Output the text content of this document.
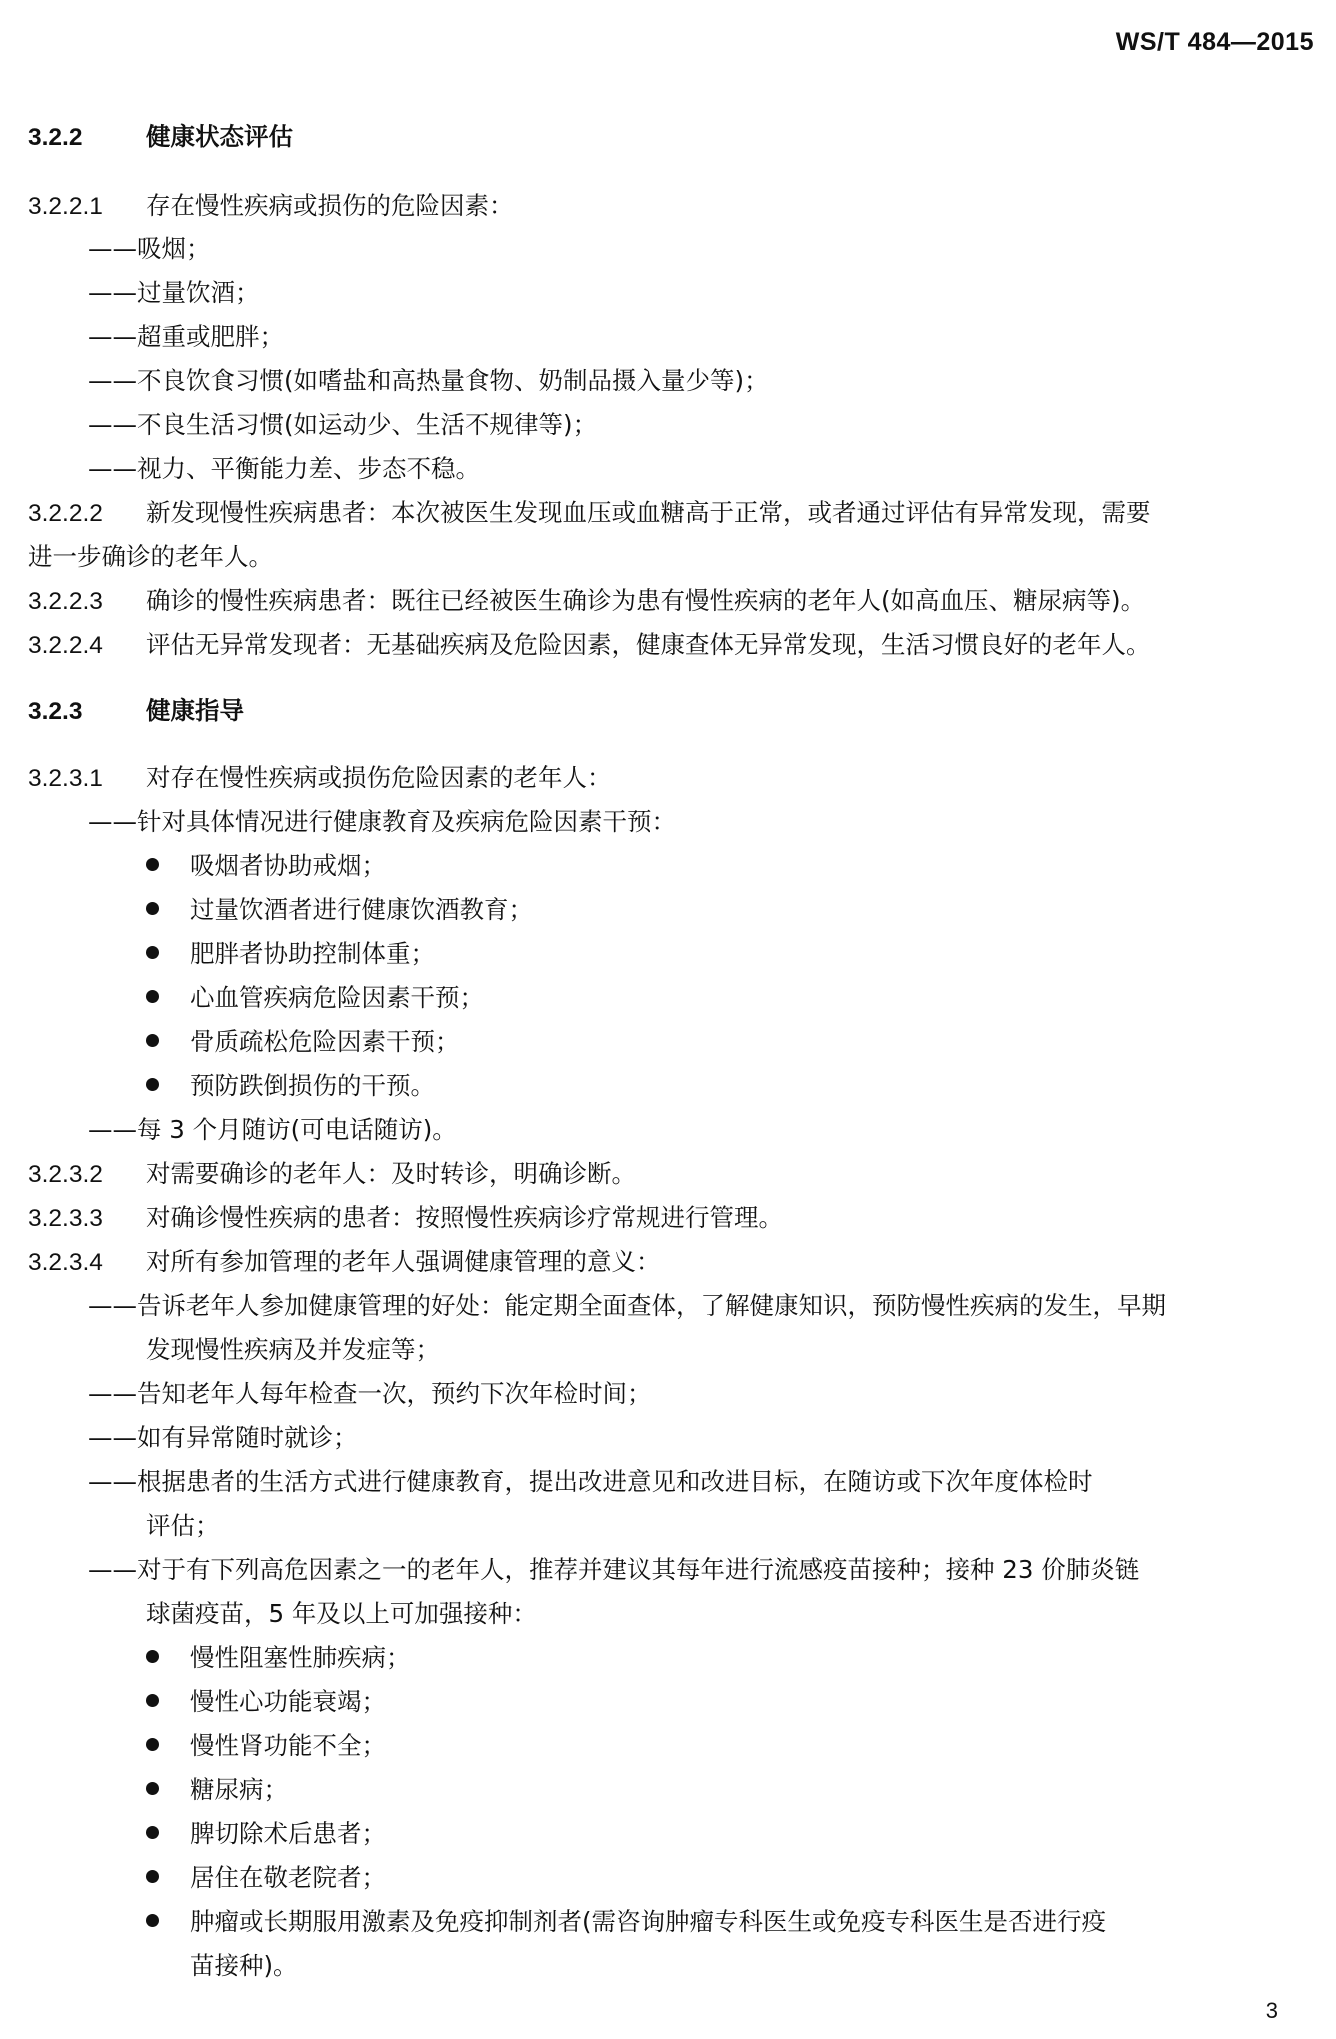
WS/T 484—2015
3.2.2	健康状态评估
3.2.2.1 存在慢性疾病或损伤的危险因素：
——吸烟；
——过量饮酒；
——超重或肥胖；
——不良饮食习惯(如嗜盐和高热量食物、奶制品摄入量少等)；
——不良生活习惯(如运动少、生活不规律等)；
——视力、平衡能力差、步态不稳。
3.2.2.2 新发现慢性疾病患者：本次被医生发现血压或血糖高于正常，或者通过评估有异常发现，需要
进一步确诊的老年人。
3.2.2.3 确诊的慢性疾病患者：既往已经被医生确诊为患有慢性疾病的老年人(如高血压、糖尿病等)。
3.2.2.4 评估无异常发现者：无基础疾病及危险因素，健康查体无异常发现，生活习惯良好的老年人。
3.2.3	健康指导
3.2.3.1 对存在慢性疾病或损伤危险因素的老年人：
——针对具体情况进行健康教育及疾病危险因素干预：
吸烟者协助戒烟；
过量饮酒者进行健康饮酒教育；
肥胖者协助控制体重；
心血管疾病危险因素干预；
骨质疏松危险因素干预；
预防跌倒损伤的干预。
——每 3 个月随访(可电话随访)。
3.2.3.2 对需要确诊的老年人：及时转诊，明确诊断。
3.2.3.3 对确诊慢性疾病的患者：按照慢性疾病诊疗常规进行管理。
3.2.3.4 对所有参加管理的老年人强调健康管理的意义：
——告诉老年人参加健康管理的好处：能定期全面查体，了解健康知识，预防慢性疾病的发生，早期
发现慢性疾病及并发症等；
——告知老年人每年检查一次，预约下次年检时间；
——如有异常随时就诊；
——根据患者的生活方式进行健康教育，提出改进意见和改进目标，在随访或下次年度体检时
评估；
——对于有下列高危因素之一的老年人，推荐并建议其每年进行流感疫苗接种；接种 23 价肺炎链
球菌疫苗，5 年及以上可加强接种：
慢性阻塞性肺疾病；
慢性心功能衰竭；
慢性肾功能不全；
糖尿病；
脾切除术后患者；
居住在敬老院者；
肿瘤或长期服用激素及免疫抑制剂者(需咨询肿瘤专科医生或免疫专科医生是否进行疫
苗接种)。
3
